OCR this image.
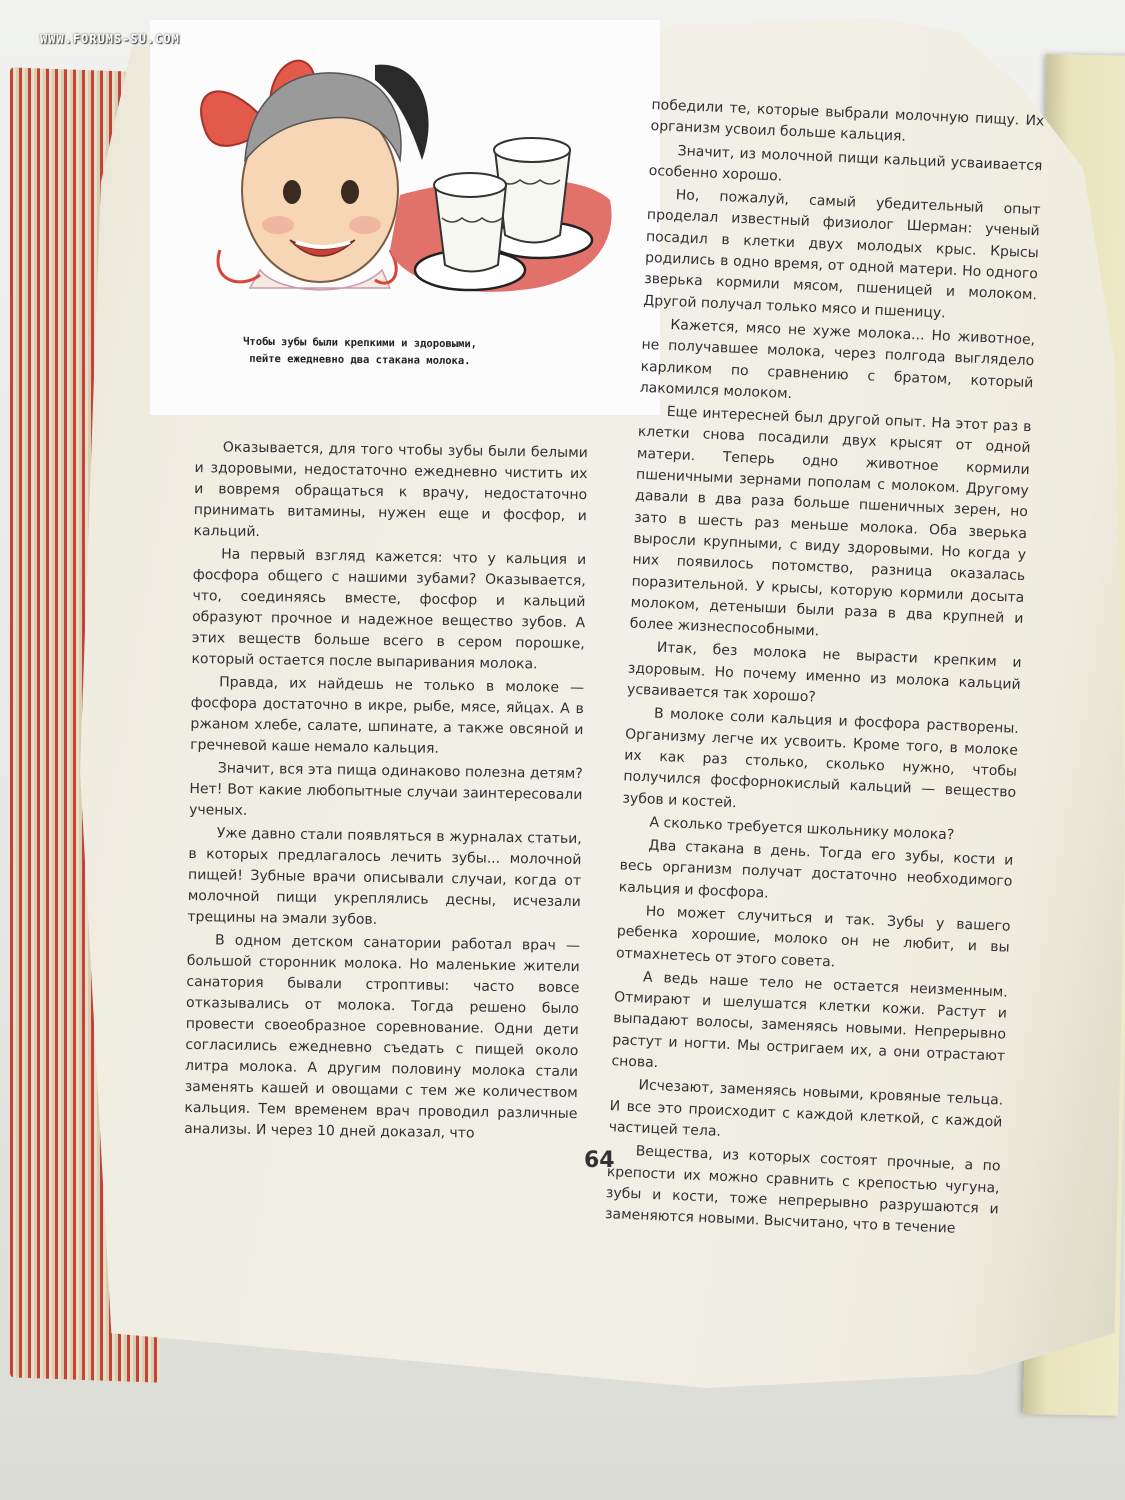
Чтобы зубы были крепкими и здоровыми, пейте ежедневно два стакана молока.

Оказывается, для того чтобы зубы были белыми и здоровыми, недостаточно ежедневно чистить их и вовремя обращаться к врачу, недостаточно принимать витамины, нужен еще и фосфор, и кальций.

На первый взгляд кажется: что у кальция и фосфора общего с нашими зубами? Оказывается, что, соединяясь вместе, фосфор и кальций образуют прочное и надежное вещество зубов. А этих веществ больше всего в сером порошке, который остается после выпаривания молока.

Правда, их найдешь не только в молоке — фосфора достаточно в икре, рыбе, мясе, яйцах. А в ржаном хлебе, салате, шпинате, а также овсяной и гречневой каше немало кальция.

Значит, вся эта пища одинаково полезна детям? Нет! Вот какие любопытные случаи заинтересовали ученых.

Уже давно стали появляться в журналах статьи, в которых предлагалось лечить зубы... молочной пищей! Зубные врачи описывали случаи, когда от молочной пищи укреплялись десны, исчезали трещины на эмали зубов.

В одном детском санатории работал врач — большой сторонник молока. Но маленькие жители санатория бывали строптивы: часто вовсе отказывались от молока. Тогда решено было провести своеобразное соревнование. Одни дети согласились ежедневно съедать с пищей около литра молока. А другим половину молока стали заменять кашей и овощами с тем же количеством кальция. Тем временем врач проводил различные анализы. И через 10 дней доказал, что

победили те, которые выбрали молочную пищу. Их организм усвоил больше кальция.

Значит, из молочной пищи кальций усваивается особенно хорошо.

Но, пожалуй, самый убедительный опыт проделал известный физиолог Шерман: ученый посадил в клетки двух молодых крыс. Крысы родились в одно время, от одной матери. Но одного зверька кормили мясом, пшеницей и молоком. Другой получал только мясо и пшеницу.

Кажется, мясо не хуже молока... Но животное, не получавшее молока, через полгода выглядело карликом по сравнению с братом, который лакомился молоком.

Еще интересней был другой опыт. На этот раз в клетки снова посадили двух крысят от одной матери. Теперь одно животное кормили пшеничными зернами пополам с молоком. Другому давали в два раза больше пшеничных зерен, но зато в шесть раз меньше молока. Оба зверька выросли крупными, с виду здоровыми. Но когда у них появилось потомство, разница оказалась поразительной. У крысы, которую кормили досыта молоком, детеныши были раза в два крупней и более жизнеспособными.

Итак, без молока не вырасти крепким и здоровым. Но почему именно из молока кальций усваивается так хорошо?

В молоке соли кальция и фосфора растворены. Организму легче их усвоить. Кроме того, в молоке их как раз столько, сколько нужно, чтобы получился фосфорнокислый кальций — вещество зубов и костей.

А сколько требуется школьнику молока?

Два стакана в день. Тогда его зубы, кости и весь организм получат достаточно необходимого кальция и фосфора.

Но может случиться и так. Зубы у вашего ребенка хорошие, молоко он не любит, и вы отмахнетесь от этого совета.

А ведь наше тело не остается неизменным. Отмирают и шелушатся клетки кожи. Растут и выпадают волосы, заменяясь новыми. Непрерывно растут и ногти. Мы остригаем их, а они отрастают снова.

Исчезают, заменяясь новыми, кровяные тельца. И все это происходит с каждой клеткой, с каждой частицей тела.

Вещества, из которых состоят прочные, а по крепости их можно сравнить с крепостью чугуна, зубы и кости, тоже непрерывно разрушаются и заменяются новыми. Высчитано, что в течение

64
WWW.FORUMS-SU.COM
